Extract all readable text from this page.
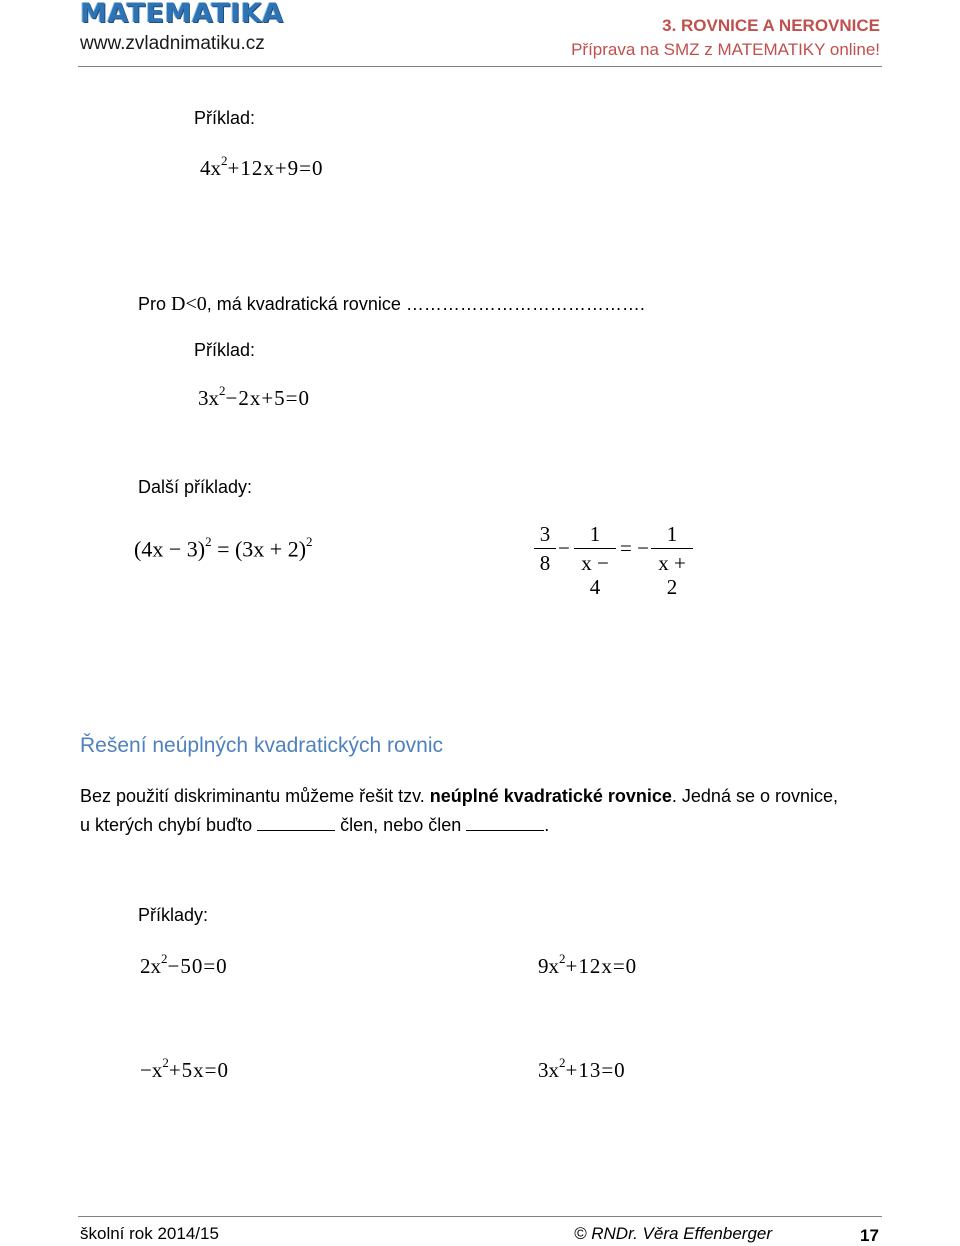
MATEMATIKA
www.zvladnimatiku.cz
3. ROVNICE A NEROVNICE
Příprava na SMZ z MATEMATIKY online!
Příklad:
$4x^2+12x+9=0$
Pro D<0, má kvadratická rovnice ………………………………….
Příklad:
$3x^2-2x+5=0$
Další příklady:
$(4x - 3)^2 = (3x + 2)^2$	3
8
−
1
x − 4
= −
1
x + 2
Řešení neúplných kvadratických rovnic
Bez použití diskriminantu můžeme řešit tzv. neúplné kvadratické rovnice. Jedná se o rovnice,
u kterých chybí buďto	člen, nebo člen	.
Příklady:
$2x^2-50=0$	$9x^2+12x=0$
$-x^2+5x=0$	$3x^2+13=0$
školní rok 2014/15	© RNDr. Věra Effenberger	17
